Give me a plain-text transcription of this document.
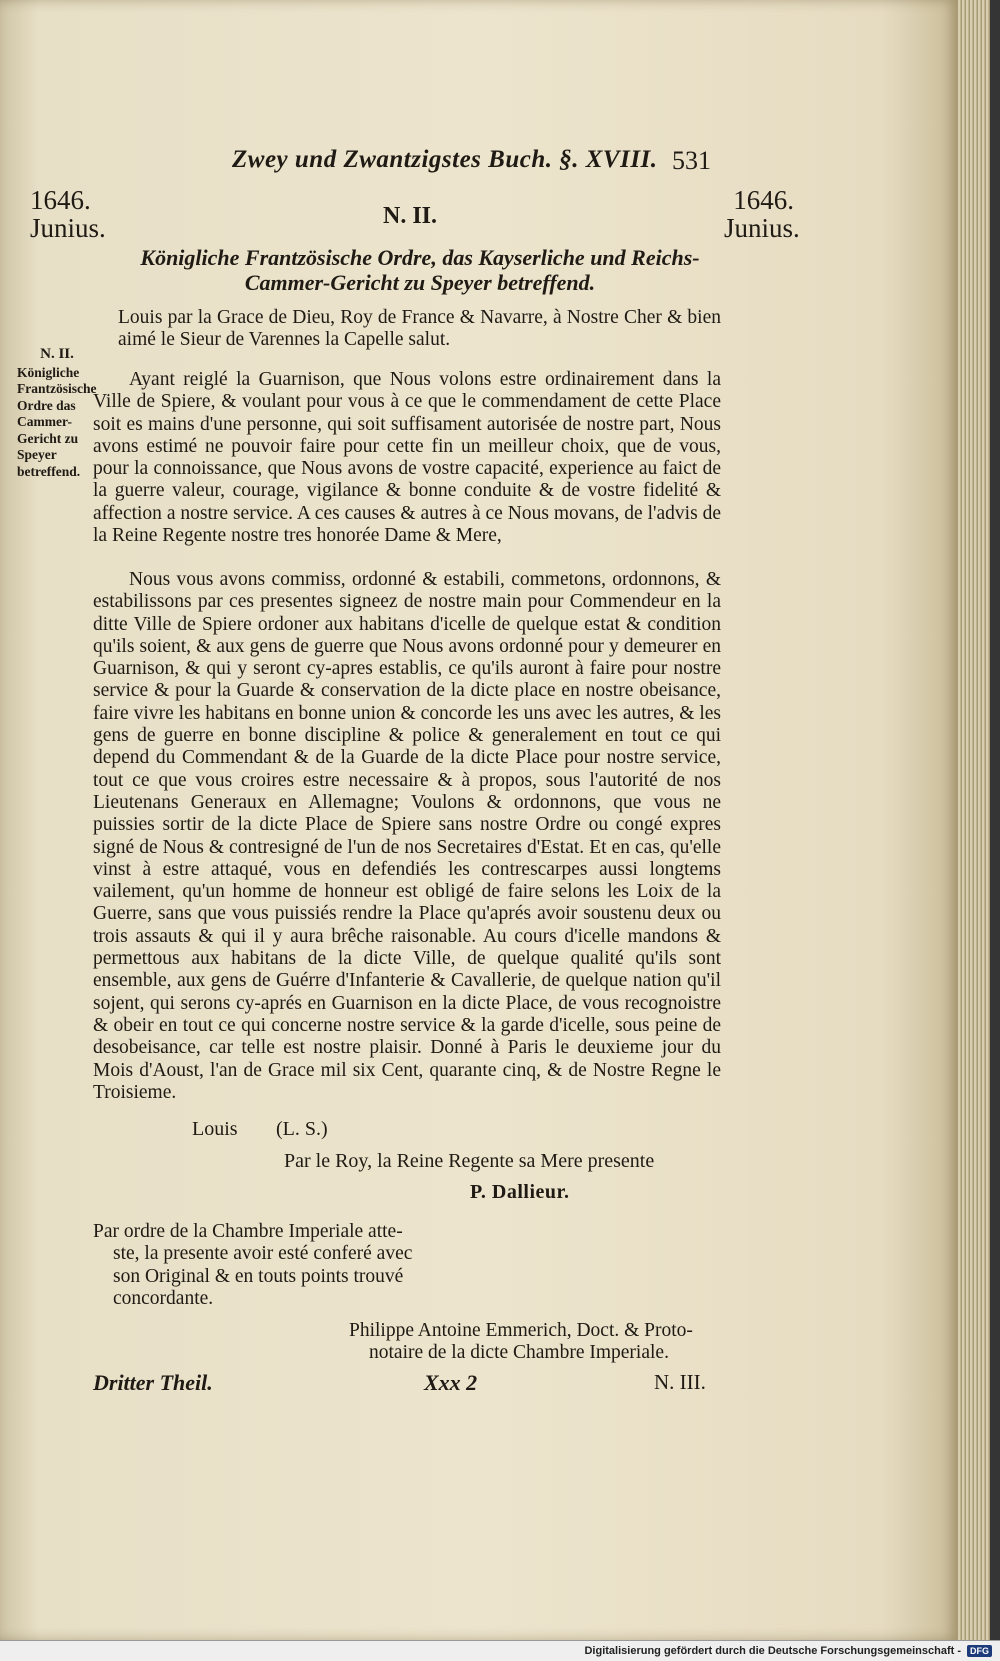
Zwey und Zwantzigstes Buch. §. XVIII. 531
1646.
Junius.
1646.
Junius.
N. II.
Königliche Frantzösische Ordre, das Kayserliche und Reichs-Cammer-Gericht zu Speyer betreffend.
N. II.
Königliche Frantzösische Ordre das Cammer-Gericht zu Speyer betreffend.
Louis par la Grace de Dieu, Roy de France & Navarre, à Nostre Cher & bien aimé le Sieur de Varennes la Capelle salut.
Ayant reiglé la Guarnison, que Nous volons estre ordinairement dans la Ville de Spiere, & voulant pour vous à ce que le commendament de cette Place soit es mains d'une personne, qui soit suffisament autorisée de nostre part, Nous avons estimé ne pouvoir faire pour cette fin un meilleur choix, que de vous, pour la connoissance, que Nous avons de vostre capacité, experience au faict de la guerre valeur, courage, vigilance & bonne conduite & de vostre fidelité & affection a nostre service. A ces causes & autres à ce Nous movans, de l'advis de la Reine Regente nostre tres honorée Dame & Mere,
Nous vous avons commiss, ordonné & estabili, commetons, ordonnons, & estabilissons par ces presentes signeez de nostre main pour Commendeur en la ditte Ville de Spiere ordoner aux habitans d'icelle de quelque estat & condition qu'ils soient, & aux gens de guerre que Nous avons ordonné pour y demeurer en Guarnison, & qui y seront cy-apres establis, ce qu'ils auront à faire pour nostre service & pour la Guarde & conservation de la dicte place en nostre obeisance, faire vivre les habitans en bonne union & concorde les uns avec les autres, & les gens de guerre en bonne discipline & police & generalement en tout ce qui depend du Commendant & de la Guarde de la dicte Place pour nostre service, tout ce que vous croires estre necessaire & à propos, sous l'autorité de nos Lieutenans Generaux en Allemagne; Voulons & ordonnons, que vous ne puissies sortir de la dicte Place de Spiere sans nostre Ordre ou congé expres signé de Nous & contresigné de l'un de nos Secretaires d'Estat. Et en cas, qu'elle vinst à estre attaqué, vous en defendiés les contrescarpes aussi longtems vailement, qu'un homme de honneur est obligé de faire selons les Loix de la Guerre, sans que vous puissiés rendre la Place qu'aprés avoir soustenu deux ou trois assauts & qui il y aura brêche raisonable. Au cours d'icelle mandons & permettous aux habitans de la dicte Ville, de quelque qualité qu'ils sont ensemble, aux gens de Guérre d'Infanterie & Cavallerie, de quelque nation qu'il sojent, qui serons cy-aprés en Guarnison en la dicte Place, de vous recognoistre & obeir en tout ce qui concerne nostre service & la garde d'icelle, sous peine de desobeisance, car telle est nostre plaisir. Donné à Paris le deuxieme jour du Mois d'Aoust, l'an de Grace mil six Cent, quarante cinq, & de Nostre Regne le Troisieme.
Louis (L. S.)
Par le Roy, la Reine Regente sa Mere presente
P. Dallieur.
Par ordre de la Chambre Imperiale atte-
ste, la presente avoir esté conferé avec son Original & en touts points trouvé concordante.
Philippe Antoine Emmerich, Doct. & Proto-
notaire de la dicte Chambre Imperiale.
Dritter Theil.	Xxx 2	N. III.
Digitalisierung gefördert durch die Deutsche Forschungsgemeinschaft -	DFG
